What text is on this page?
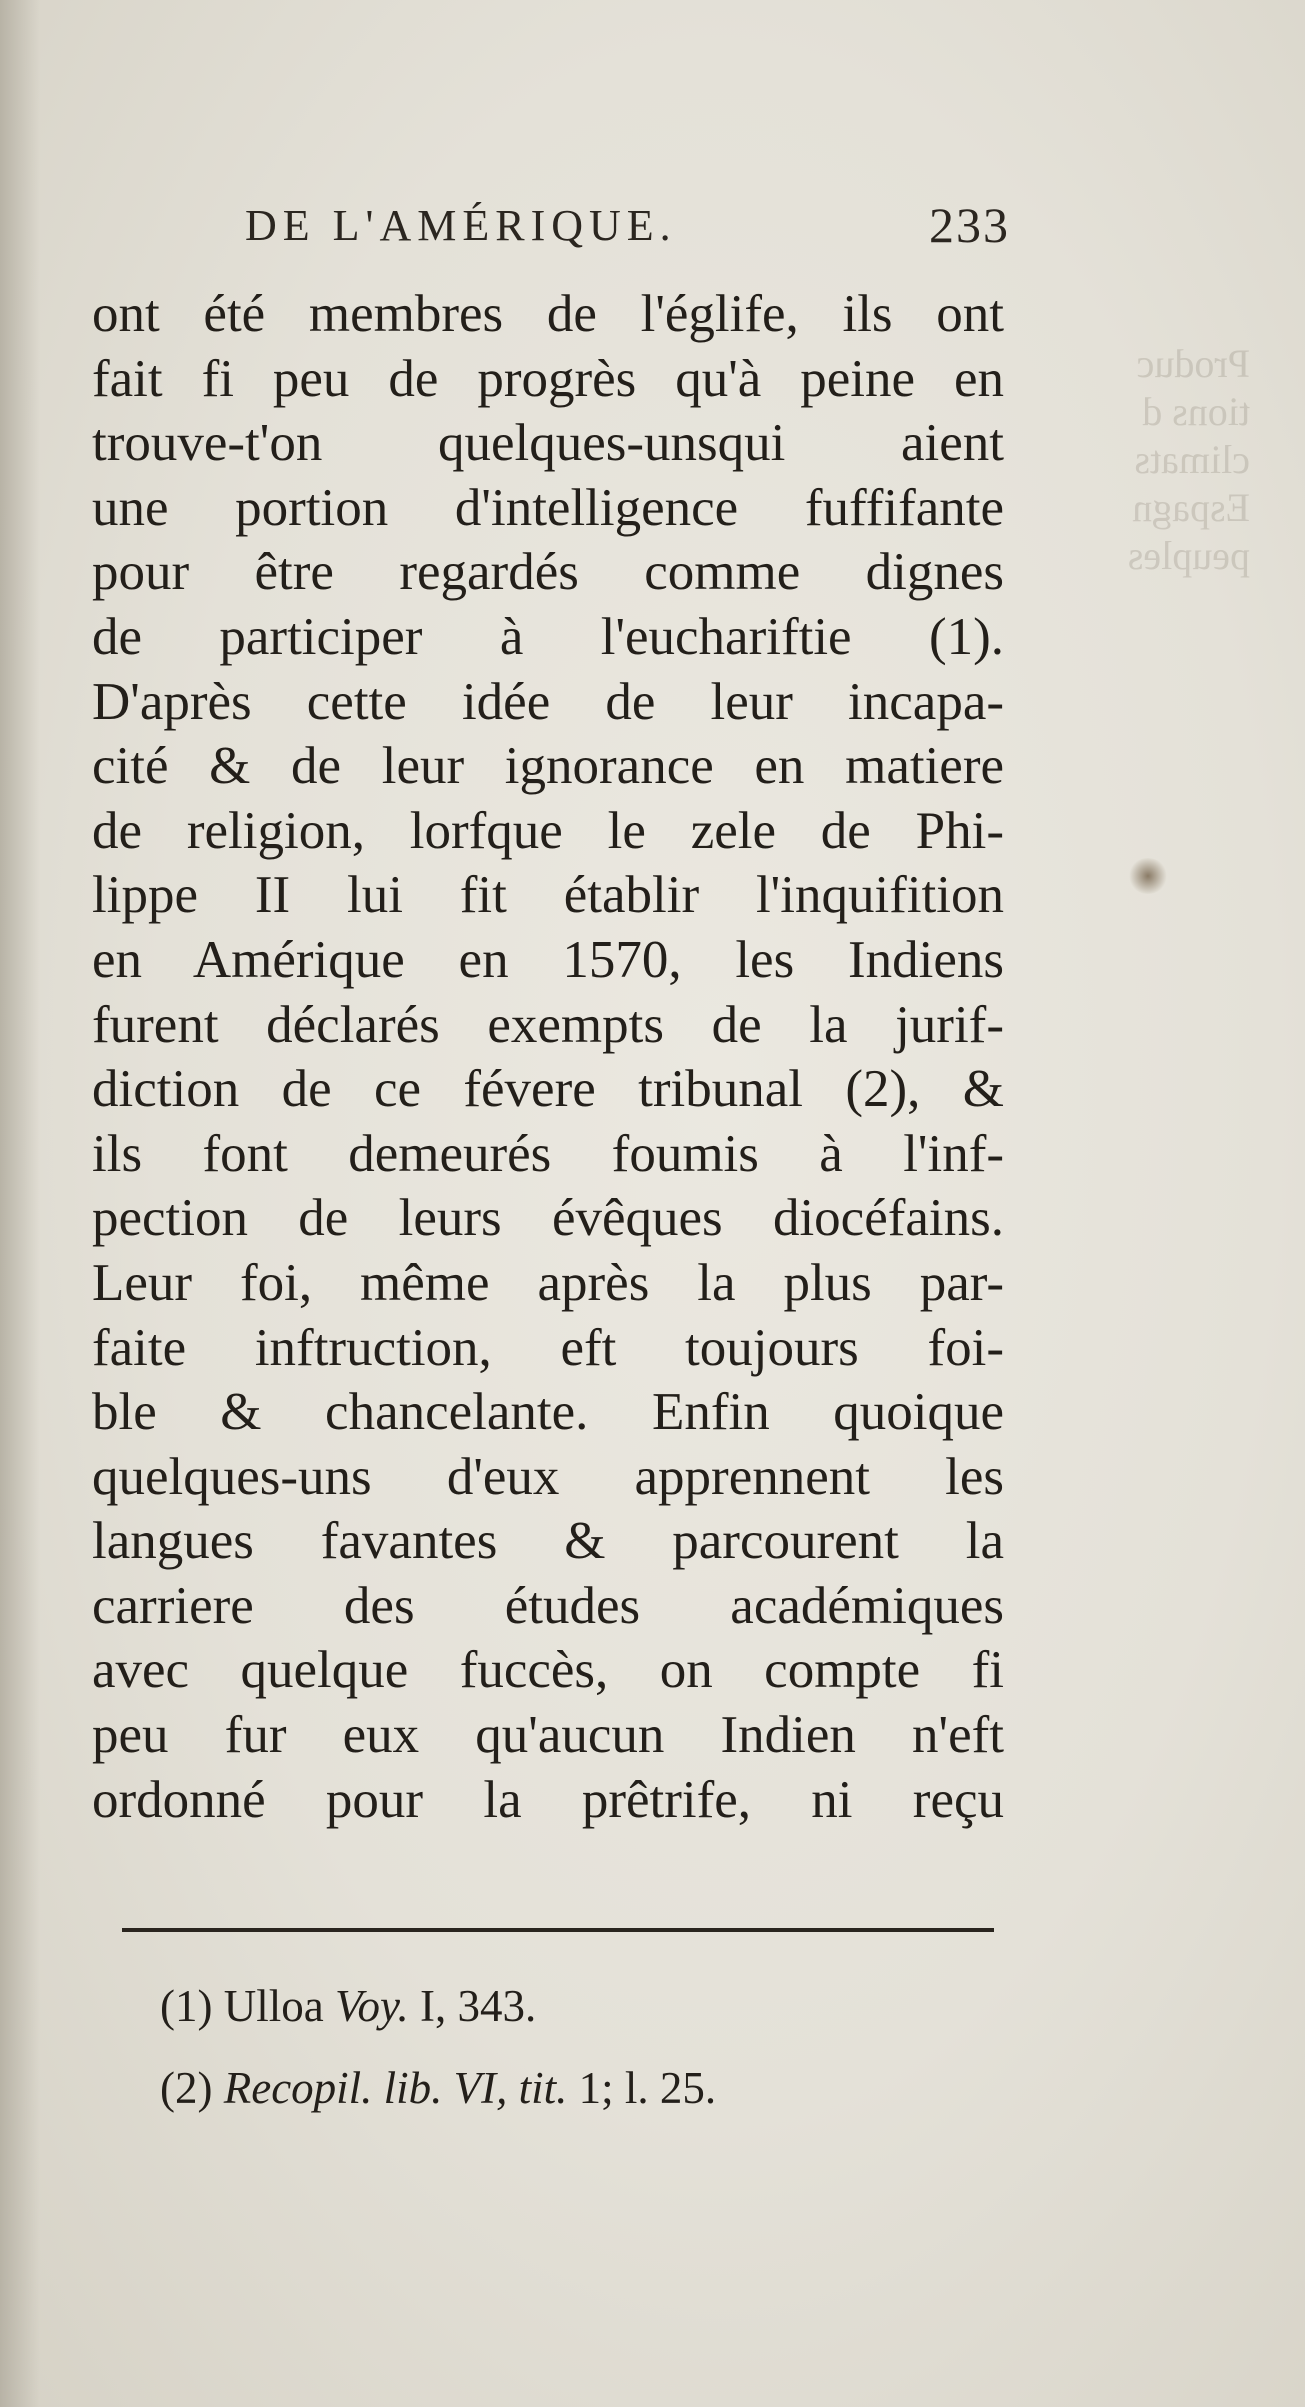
Produc
tions d
climats
Espagn
peuples
DE L'AMÉRIQUE.	233
ont été membres de l'églife, ils ont
fait fi peu de progrès qu'à peine en
trouve-t'on quelques-unsqui aient
une portion d'intelligence fuffifante
pour être regardés comme dignes
de participer à l'euchariftie (1).
D'après cette idée de leur incapa-
cité & de leur ignorance en matiere
de religion, lorfque le zele de Phi-
lippe II lui fit établir l'inquifition
en Amérique en 1570, les Indiens
furent déclarés exempts de la jurif-
diction de ce févere tribunal (2), &
ils font demeurés foumis à l'inf-
pection de leurs évêques diocéfains.
Leur foi, même après la plus par-
faite inftruction, eft toujours foi-
ble & chancelante. Enfin quoique
quelques-uns d'eux apprennent les
langues favantes & parcourent la
carriere des études académiques
avec quelque fuccès, on compte fi
peu fur eux qu'aucun Indien n'eft
ordonné pour la prêtrife, ni reçu
(1) Ulloa Voy. I, 343.
(2) Recopil. lib. VI, tit. 1; l. 25.
